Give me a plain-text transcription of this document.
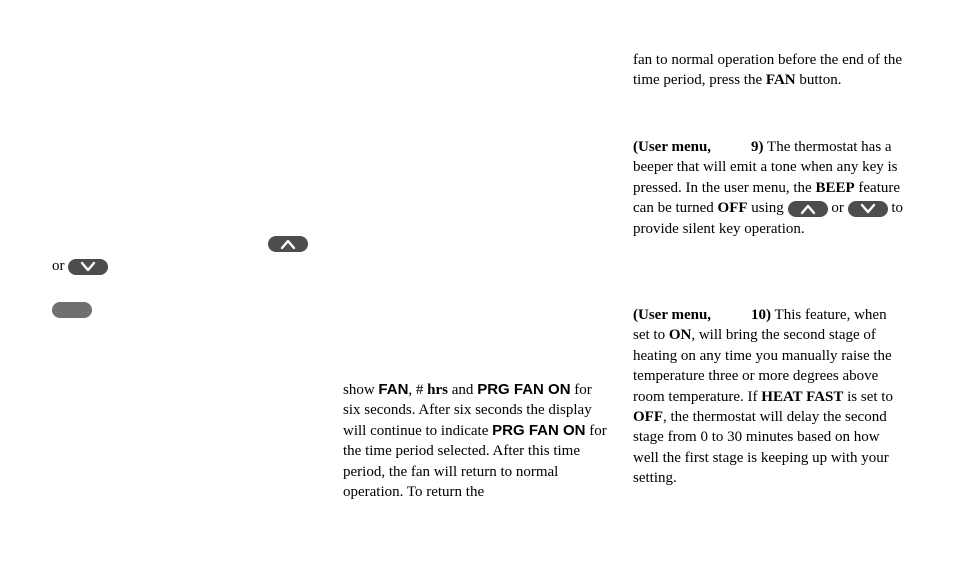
or

show FAN, # hrs and PRG FAN ON for six seconds. After six seconds the display will continue to indicate PRG FAN ON for the time period selected. After this time period, the fan will return to normal operation. To return the

fan to normal operation before the end of the time period, press the FAN button.

(User menu,	9) The thermostat has a beeper that will emit a tone when any key is pressed. In the user menu, the BEEP feature can be turned OFF using	or	to provide silent key operation.

(User menu,	10) This feature, when set to ON, will bring the second stage of heating on any time you manually raise the temperature three or more degrees above room temperature. If HEAT FAST is set to OFF, the thermostat will delay the second stage from 0 to 30 minutes based on how well the first stage is keeping up with your setting.
